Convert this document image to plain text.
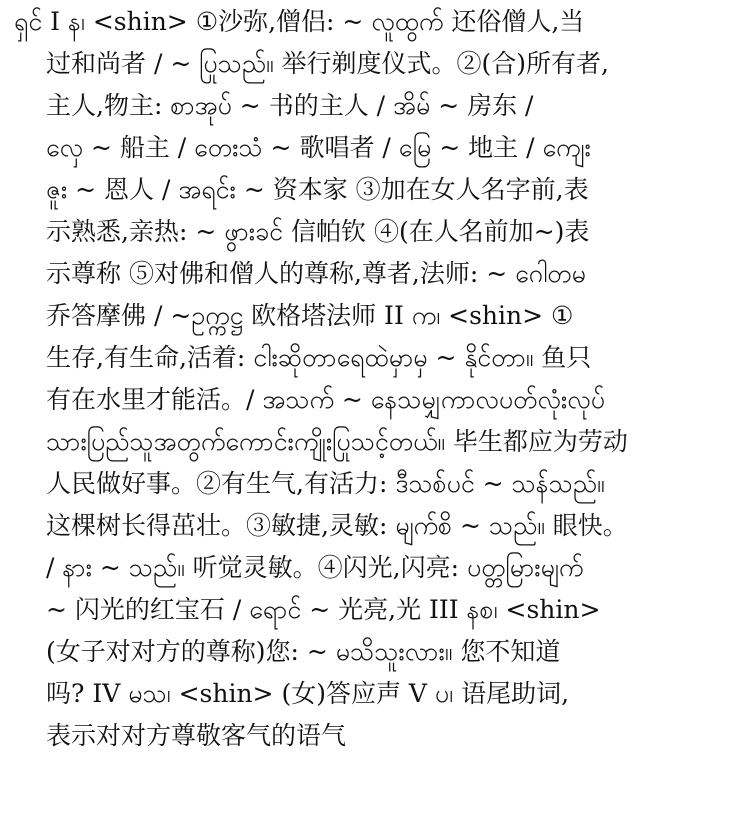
ရှင် I န၊ <shin> ①沙弥,僧侣: ~ လူထွက် 还俗僧人,当
过和尚者 / ~ ပြုသည်။ 举行剃度仪式。②(合)所有者,
主人,物主: စာအုပ် ~ 书的主人 / အိမ် ~ 房东 /
လှေ ~ 船主 / တေးသံ ~ 歌唱者 / မြေ ~ 地主 / ကျေး
ဇူး ~ 恩人 / အရင်း ~ 资本家 ③加在女人名字前,表
示熟悉,亲热: ~ ဖွားခင် 信帕钦 ④(在人名前加~)表
示尊称 ⑤对佛和僧人的尊称,尊者,法师: ~ ဂေါတမ
乔答摩佛 / ~ဥက္ကဋ္ဌ 欧格塔法师 II က၊ <shin> ①
生存,有生命,活着: ငါးဆိုတာရေထဲမှာမှ ~ နိုင်တာ။ 鱼只
有在水里才能活。/ အသက် ~ နေသမျှကာလပတ်လုံးလုပ်
သားပြည်သူအတွက်ကောင်းကျိုးပြုသင့်တယ်။ 毕生都应为劳动
人民做好事。②有生气,有活力: ဒီသစ်ပင် ~ သန်သည်။
这棵树长得茁壮。③敏捷,灵敏: မျက်စိ ~ သည်။ 眼快。
/ နား ~ သည်။ 听觉灵敏。④闪光,闪亮: ပတ္တမြားမျက်
~ 闪光的红宝石 / ရောင် ~ 光亮,光 III နစ၊ <shin>
(女子对对方的尊称)您: ~ မသိသူးလား။ 您不知道
吗? IV မသ၊ <shin> (女)答应声 V ပ၊ 语尾助词,
表示对对方尊敬客气的语气
